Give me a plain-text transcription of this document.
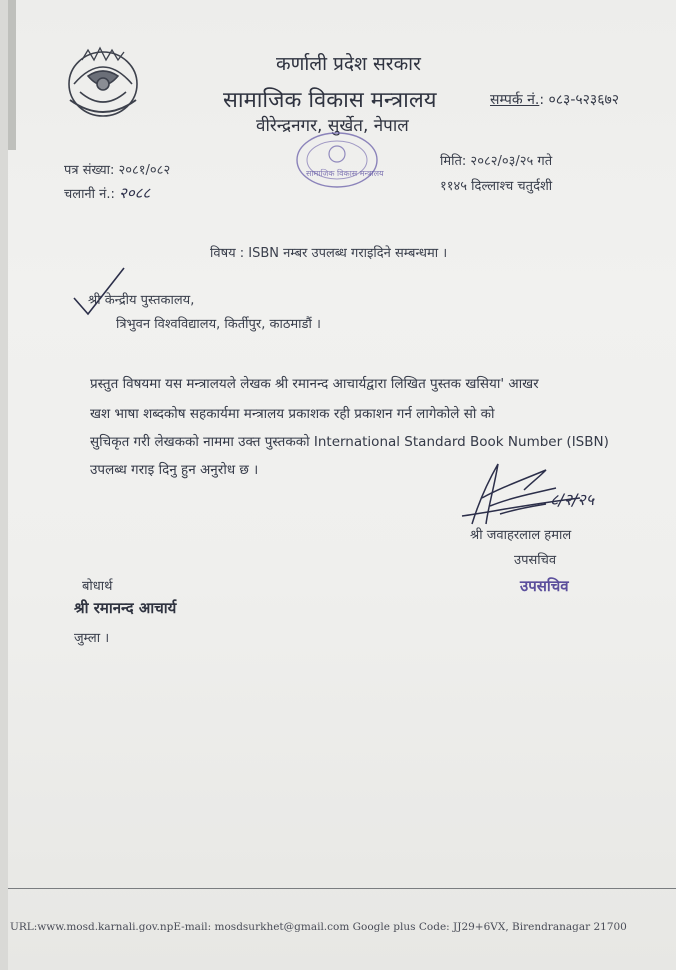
कर्णाली प्रदेश सरकार
सामाजिक विकास मन्त्रालय
वीरेन्द्रनगर, सुर्खेत, नेपाल
सम्पर्क नं.: ०८३-५२३६७२
सामाजिक विकास मन्त्रालय
पत्र संख्या: २०८१/०८२
चलानी नं.: २०८८
मिति: २०८२/०३/२५ गते
११४५ दिल्लाश्च चतुर्दशी
विषय : ISBN नम्बर उपलब्ध गराइदिने सम्बन्धमा ।
श्री केन्द्रीय पुस्तकालय,
त्रिभुवन विश्वविद्यालय, किर्तीपुर, काठमाडौं ।
प्रस्तुत विषयमा यस मन्त्रालयले लेखक श्री रमानन्द आचार्यद्वारा लिखित पुस्तक खसिया' आखर
खश भाषा शब्दकोष सहकार्यमा मन्त्रालय प्रकाशक रही प्रकाशन गर्न लागेकोले सो को
सुचिकृत गरी लेखकको नाममा उक्त पुस्तकको International Standard Book Number (ISBN)
उपलब्ध गराइ दिनु हुन अनुरोध छ ।
८/२/२५
श्री जवाहरलाल हमाल
उपसचिव
उपसचिव
बोधार्थ
श्री रमानन्द आचार्य
जुम्ला ।
URL:www.mosd.karnali.gov.npE-mail: mosdsurkhet@gmail.com Google plus Code: JJ29+6VX, Birendranagar 21700
